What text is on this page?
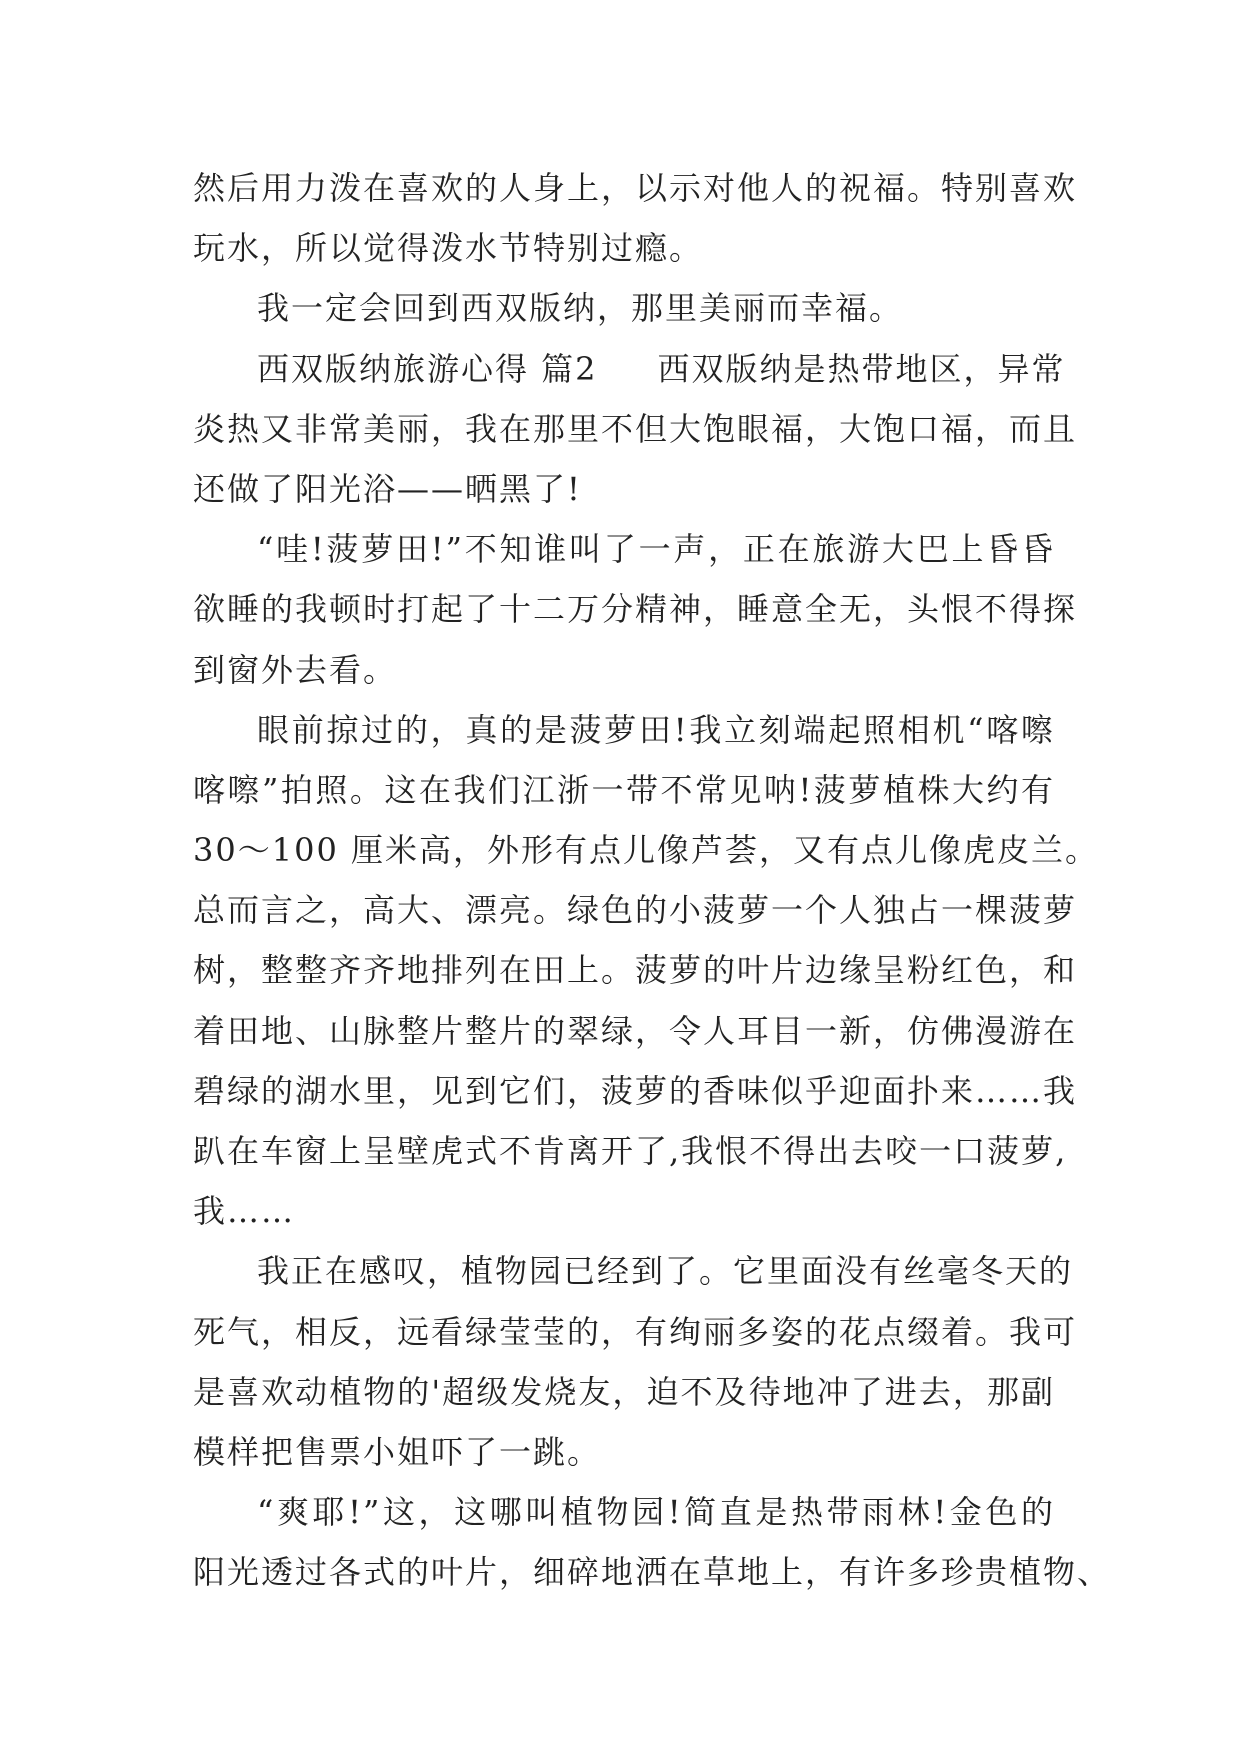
然后用力泼在喜欢的人身上，以示对他人的祝福。特别喜欢
玩水，所以觉得泼水节特别过瘾。
我一定会回到西双版纳，那里美丽而幸福。
西双版纳旅游心得 篇2 西双版纳是热带地区，异常
炎热又非常美丽，我在那里不但大饱眼福，大饱口福，而且
还做了阳光浴——晒黑了!
“哇!菠萝田!”不知谁叫了一声，正在旅游大巴上昏昏
欲睡的我顿时打起了十二万分精神，睡意全无，头恨不得探
到窗外去看。
眼前掠过的，真的是菠萝田!我立刻端起照相机“喀嚓
喀嚓”拍照。这在我们江浙一带不常见呐!菠萝植株大约有
30～100 厘米高，外形有点儿像芦荟，又有点儿像虎皮兰。
总而言之，高大、漂亮。绿色的小菠萝一个人独占一棵菠萝
树，整整齐齐地排列在田上。菠萝的叶片边缘呈粉红色，和
着田地、山脉整片整片的翠绿，令人耳目一新，仿佛漫游在
碧绿的湖水里，见到它们，菠萝的香味似乎迎面扑来……我
趴在车窗上呈壁虎式不肯离开了,我恨不得出去咬一口菠萝,
我……
我正在感叹，植物园已经到了。它里面没有丝毫冬天的
死气，相反，远看绿莹莹的，有绚丽多姿的花点缀着。我可
是喜欢动植物的'超级发烧友，迫不及待地冲了进去，那副
模样把售票小姐吓了一跳。
“爽耶!”这，这哪叫植物园!简直是热带雨林!金色的
阳光透过各式的叶片，细碎地洒在草地上，有许多珍贵植物、
